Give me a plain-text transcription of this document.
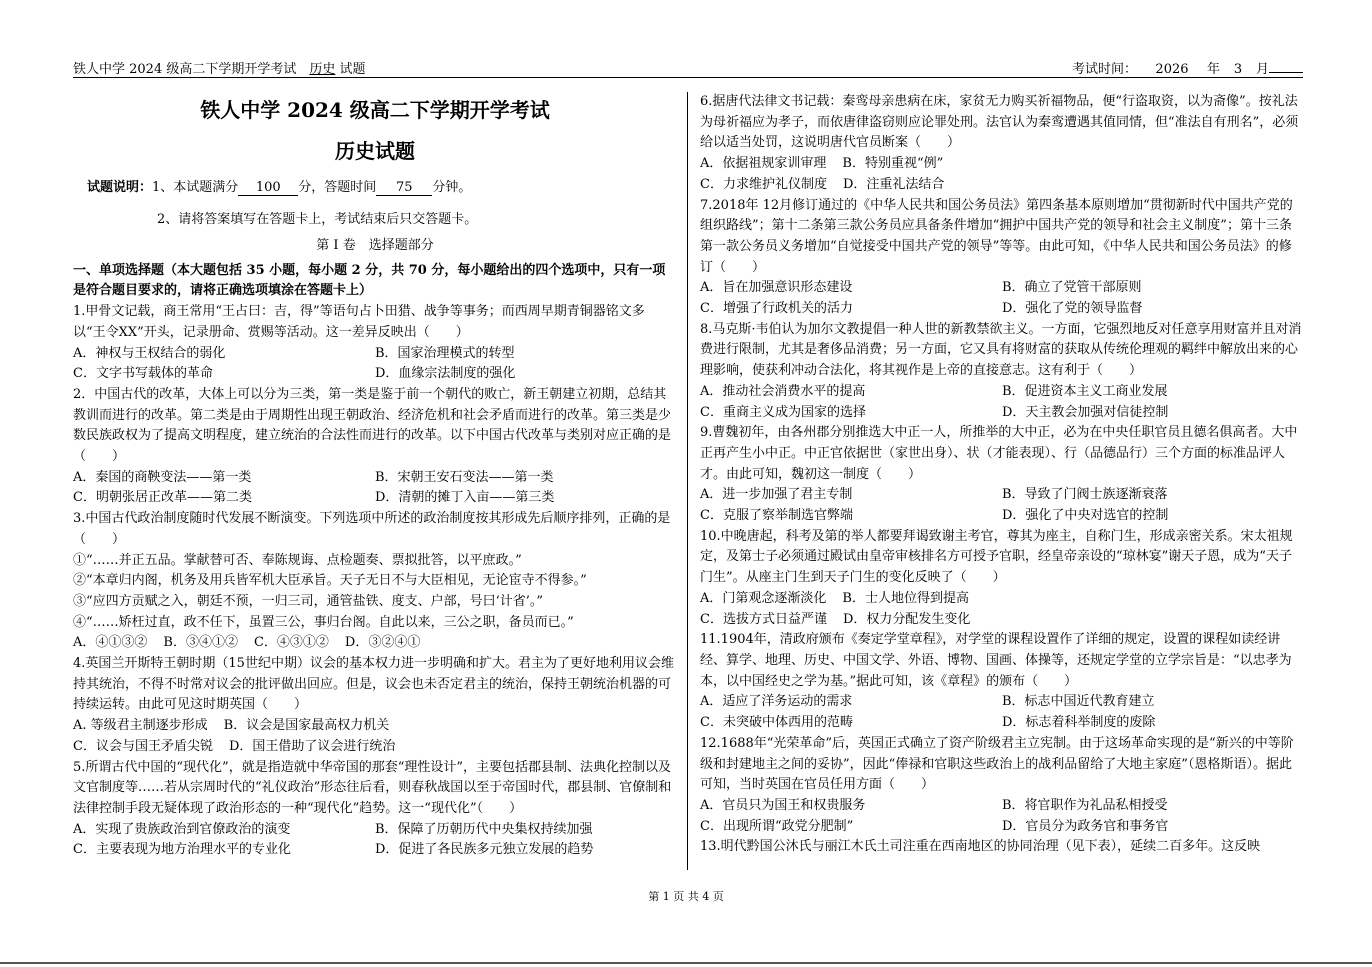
铁人中学 2024 级高二下学期开学考试　 历史 试题	考试时间： 2026 年 3 月
铁人中学 2024 级高二下学期开学考试
历史试题
试题说明：1、本试题满分 100 分，答题时间 75 分钟。
2、请将答案填写在答题卡上，考试结束后只交答题卡。
第 Ⅰ 卷　选择题部分

一、单项选择题（本大题包括 35 小题，每小题 2 分，共 70 分，每小题给出的四个选项中，只有一项是符合题目要求的，请将正确选项填涂在答题卡上）

1.甲骨文记载，商王常用“王占曰：吉，得”等语句占卜田猎、战争等事务；而西周早期青铜器铭文多以“王令XX”开头，记录册命、赏赐等活动。这一差异反映出（　　）

A．神权与王权结合的弱化	B．国家治理模式的转型
C．文字书写载体的革命	D．血缘宗法制度的强化

2．中国古代的改革，大体上可以分为三类，第一类是鉴于前一个朝代的败亡，新王朝建立初期，总结其教训而进行的改革。第二类是由于周期性出现王朝政治、经济危机和社会矛盾而进行的改革。第三类是少数民族政权为了提高文明程度，建立统治的合法性而进行的改革。以下中国古代改革与类别对应正确的是（　　）

A．秦国的商鞅变法——第一类	B．宋朝王安石变法——第一类
C．明朝张居正改革——第二类	D．清朝的摊丁入亩——第三类

3.中国古代政治制度随时代发展不断演变。下列选项中所述的政治制度按其形成先后顺序排列，正确的是（　　）

①“……并正五品。掌献替可否、奉陈规诲、点检题奏、票拟批答，以平庶政。”

②“本章归内阁，机务及用兵皆军机大臣承旨。天子无日不与大臣相见，无论宦寺不得参。”

③“应四方贡赋之入，朝廷不预，一归三司，通管盐铁、度支、户部，号曰‘计省’。”

④“……矫枉过直，政不任下，虽置三公，事归台阁。自此以来，三公之职，备员而已。”

A．④①③② B．③④①② C．④③①② D．③②④①

4.英国兰开斯特王朝时期（15世纪中期）议会的基本权力进一步明确和扩大。君主为了更好地利用议会维持其统治，不得不时常对议会的批评做出回应。但是，议会也未否定君主的统治，保持王朝统治机器的可持续运转。由此可见这时期英国（　　）

A. 等级君主制逐步形成 B．议会是国家最高权力机关
C．议会与国王矛盾尖锐 D．国王借助了议会进行统治

5.所谓古代中国的“现代化”，就是指造就中华帝国的那套“理性设计”，主要包括郡县制、法典化控制以及文官制度等……若从宗周时代的“礼仪政治”形态往后看，则春秋战国以至于帝国时代，郡县制、官僚制和法律控制手段无疑体现了政治形态的一种“现代化”趋势。这一“现代化”（　　）

A．实现了贵族政治到官僚政治的演变	B．保障了历朝历代中央集权持续加强
C．主要表现为地方治理水平的专业化	D．促进了各民族多元独立发展的趋势

6.据唐代法律文书记载：秦鸾母亲患病在床，家贫无力购买祈福物品，便“行盗取资，以为斋像”。按礼法为母祈福应为孝子，而依唐律盗窃则应论罪处刑。法官认为秦鸾遭遇其值同情，但“准法自有刑名”，必须给以适当处罚，这说明唐代官员断案（　　）

A．依据祖规家训审理 B．特别重视“例”
C．力求维护礼仪制度 D．注重礼法结合

7.2018年 12月修订通过的《中华人民共和国公务员法》第四条基本原则增加“贯彻新时代中国共产党的组织路线”；第十二条第三款公务员应具备条件增加“拥护中国共产党的领导和社会主义制度”；第十三条第一款公务员义务增加“自觉接受中国共产党的领导”等等。由此可知，《中华人民共和国公务员法》的修订（　　）

A．旨在加强意识形态建设	B．确立了党管干部原则
C．增强了行政机关的活力	D．强化了党的领导监督

8.马克斯·韦伯认为加尔文教提倡一种人世的新教禁欲主义。一方面，它强烈地反对任意享用财富并且对消费进行限制，尤其是奢侈品消费；另一方面，它又具有将财富的获取从传统伦理观的羁绊中解放出来的心理影响，使获利冲动合法化，将其视作是上帝的直接意志。这有利于（　　）

A．推动社会消费水平的提高	B．促进资本主义工商业发展
C．重商主义成为国家的选择	D．天主教会加强对信徒控制

9.曹魏初年，由各州郡分别推选大中正一人，所推举的大中正，必为在中央任职官员且德名俱高者。大中正再产生小中正。中正官依据世（家世出身）、状（才能表现）、行（品德品行）三个方面的标准品评人才。由此可知，魏初这一制度（　　）

A．进一步加强了君主专制	B．导致了门阀士族逐渐衰落
C．克服了察举制选官弊端	D．强化了中央对选官的控制

10.中晚唐起，科考及第的举人都要拜谒致谢主考官，尊其为座主，自称门生，形成亲密关系。宋太祖规定，及第士子必须通过殿试由皇帝审核排名方可授予官职，经皇帝亲设的“琼林宴”谢天子恩，成为“天子门生”。从座主门生到天子门生的变化反映了（　　）

A．门第观念逐渐淡化 B．士人地位得到提高
C．选拔方式日益严谨 D．权力分配发生变化

11.1904年，清政府颁布《奏定学堂章程》，对学堂的课程设置作了详细的规定，设置的课程如读经讲经、算学、地理、历史、中国文学、外语、博物、国画、体操等，还规定学堂的立学宗旨是：“以忠孝为本，以中国经史之学为基。”据此可知，该《章程》的颁布（　　）

A．适应了洋务运动的需求	B．标志中国近代教育建立
C．未突破中体西用的范畴	D．标志着科举制度的废除

12.1688年“光荣革命”后，英国正式确立了资产阶级君主立宪制。由于这场革命实现的是“新兴的中等阶级和封建地主之间的妥协”，因此“俸禄和官职这些政治上的战利品留给了大地主家庭”（恩格斯语）。据此可知，当时英国在官员任用方面（　　）

A．官员只为国王和权贵服务	B．将官职作为礼品私相授受
C．出现所谓“政党分肥制”	D．官员分为政务官和事务官

13.明代黔国公沐氏与丽江木氏土司注重在西南地区的协同治理（见下表），延续二百多年。这反映

第 1 页 共 4 页
